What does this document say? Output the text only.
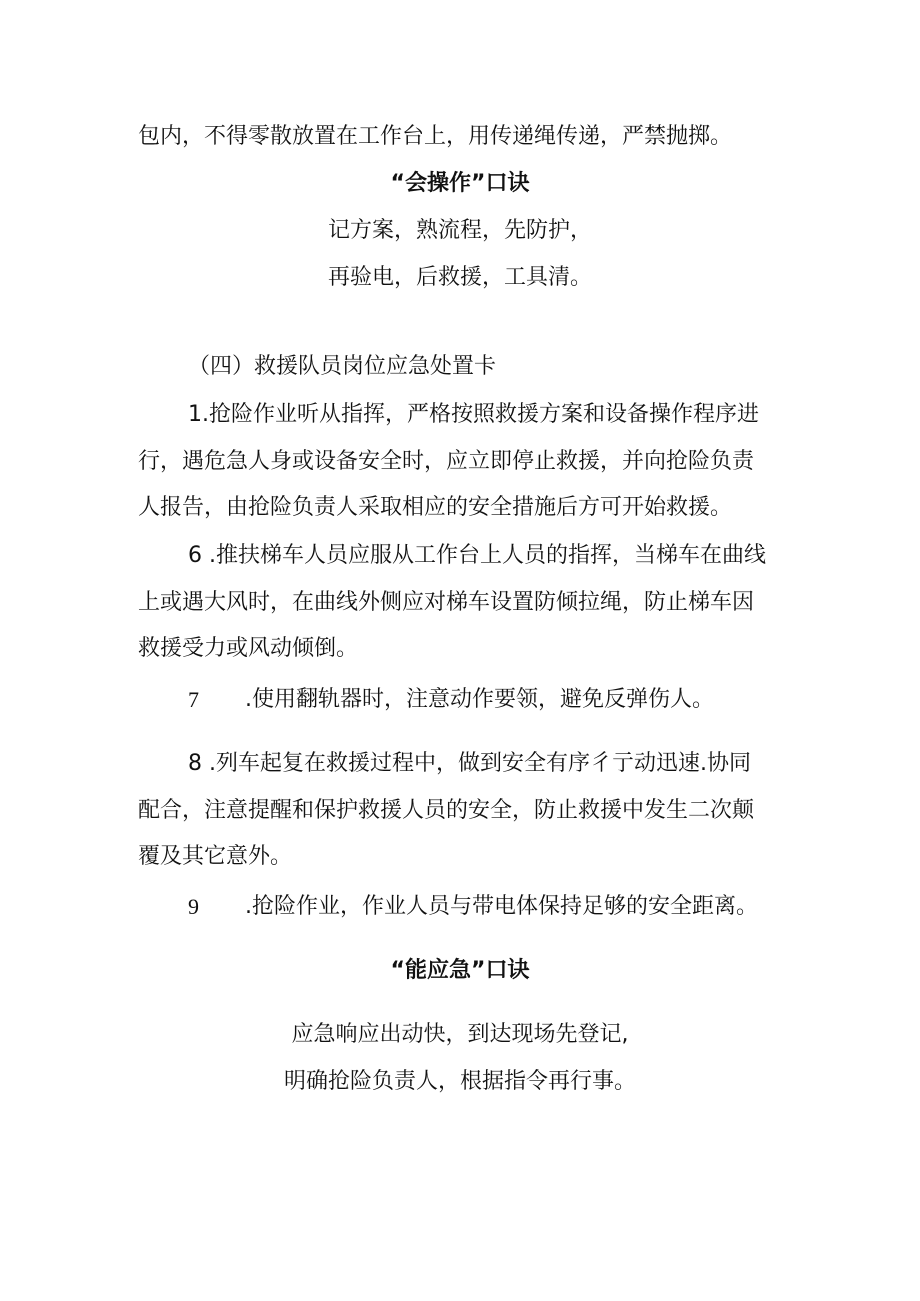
包内，不得零散放置在工作台上，用传递绳传递，严禁抛掷。
“会操作”口诀
记方案，熟流程，先防护，
再验电，后救援，工具清。
（四）救援队员岗位应急处置卡
1.抢险作业听从指挥，严格按照救援方案和设备操作程序进
行，遇危急人身或设备安全时，应立即停止救援，并向抢险负责
人报告，由抢险负责人采取相应的安全措施后方可开始救援。
6 .推扶梯车人员应服从工作台上人员的指挥，当梯车在曲线
上或遇大风时，在曲线外侧应对梯车设置防倾拉绳，防止梯车因
救援受力或风动倾倒。
7 .使用翻轨器时，注意动作要领，避免反弹伤人。
8 .列车起复在救援过程中，做到安全有序彳亍动迅速.协同
配合，注意提醒和保护救援人员的安全，防止救援中发生二次颠
覆及其它意外。
9 .抢险作业，作业人员与带电体保持足够的安全距离。
“能应急”口诀
应急响应出动快，到达现场先登记,
明确抢险负责人，根据指令再行事。
